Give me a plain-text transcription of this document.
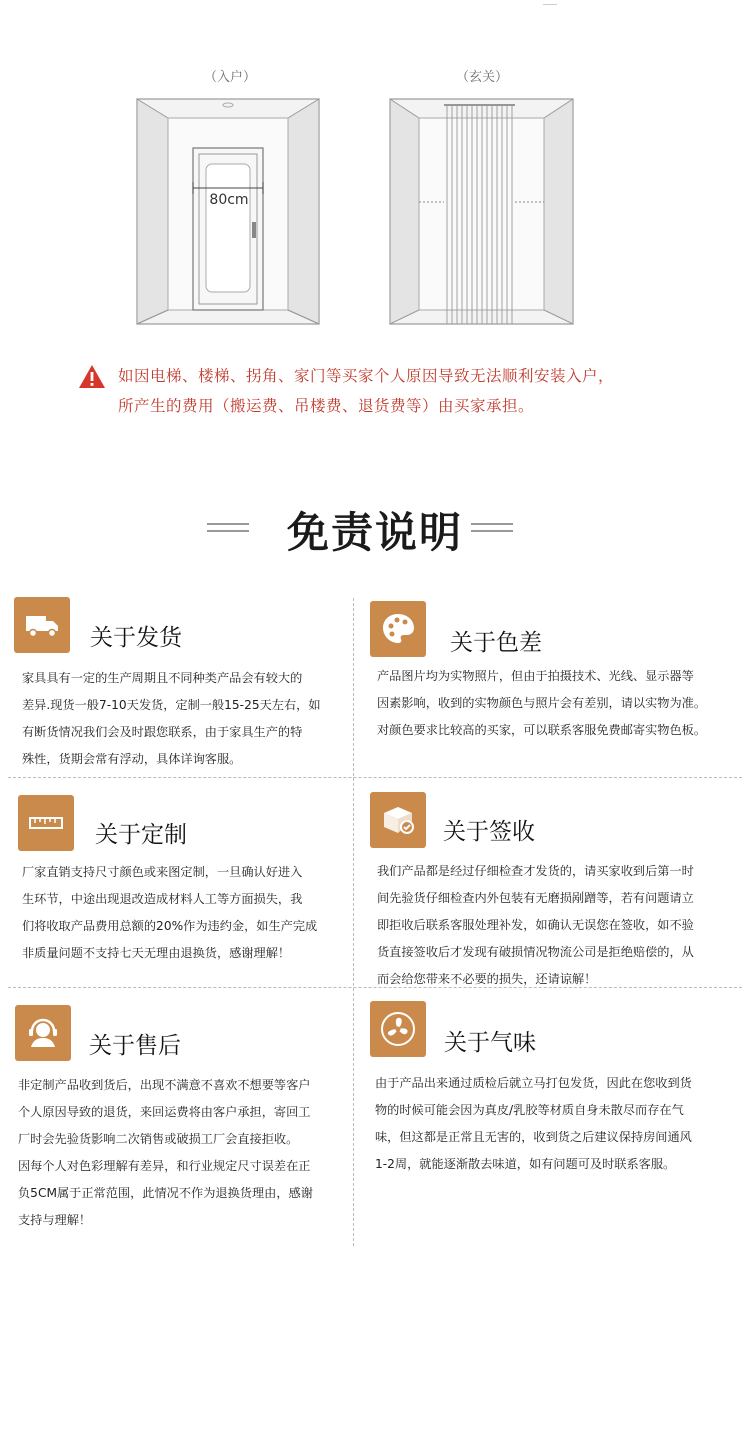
（入户）
80cm
（玄关）
如因电梯、楼梯、拐角、家门等买家个人原因导致无法顺利安装入户，
所产生的费用（搬运费、吊楼费、退货费等）由买家承担。
免责说明
关于发货
家具具有一定的生产周期且不同种类产品会有较大的
差异.现货一般7-10天发货，定制一般15-25天左右，如
有断货情况我们会及时跟您联系，由于家具生产的特
殊性，货期会常有浮动，具体详询客服。
关于色差
产品图片均为实物照片，但由于拍摄技术、光线、显示器等
因素影响，收到的实物颜色与照片会有差别，请以实物为准。
对颜色要求比较高的买家，可以联系客服免费邮寄实物色板。
关于定制
厂家直销支持尺寸颜色或来图定制，一旦确认好进入
生环节，中途出现退改造成材料人工等方面损失，我
们将收取产品费用总额的20%作为违约金，如生产完成
非质量问题不支持七天无理由退换货，感谢理解！
关于签收
我们产品都是经过仔细检查才发货的，请买家收到后第一时
间先验货仔细检查内外包装有无磨损剐蹭等，若有问题请立
即拒收后联系客服处理补发，如确认无误您在签收，如不验
货直接签收后才发现有破损情况物流公司是拒绝赔偿的，从
而会给您带来不必要的损失，还请谅解！
关于售后
非定制产品收到货后，出现不满意不喜欢不想要等客户
个人原因导致的退货，来回运费将由客户承担，寄回工
厂时会先验货影响二次销售或破损工厂会直接拒收。
因每个人对色彩理解有差异，和行业规定尺寸误差在正
负5CM属于正常范围，此情况不作为退换货理由，感谢
支持与理解！
关于气味
由于产品出来通过质检后就立马打包发货，因此在您收到货
物的时候可能会因为真皮/乳胶等材质自身未散尽而存在气
味，但这都是正常且无害的，收到货之后建议保持房间通风
1-2周，就能逐渐散去味道，如有问题可及时联系客服。
